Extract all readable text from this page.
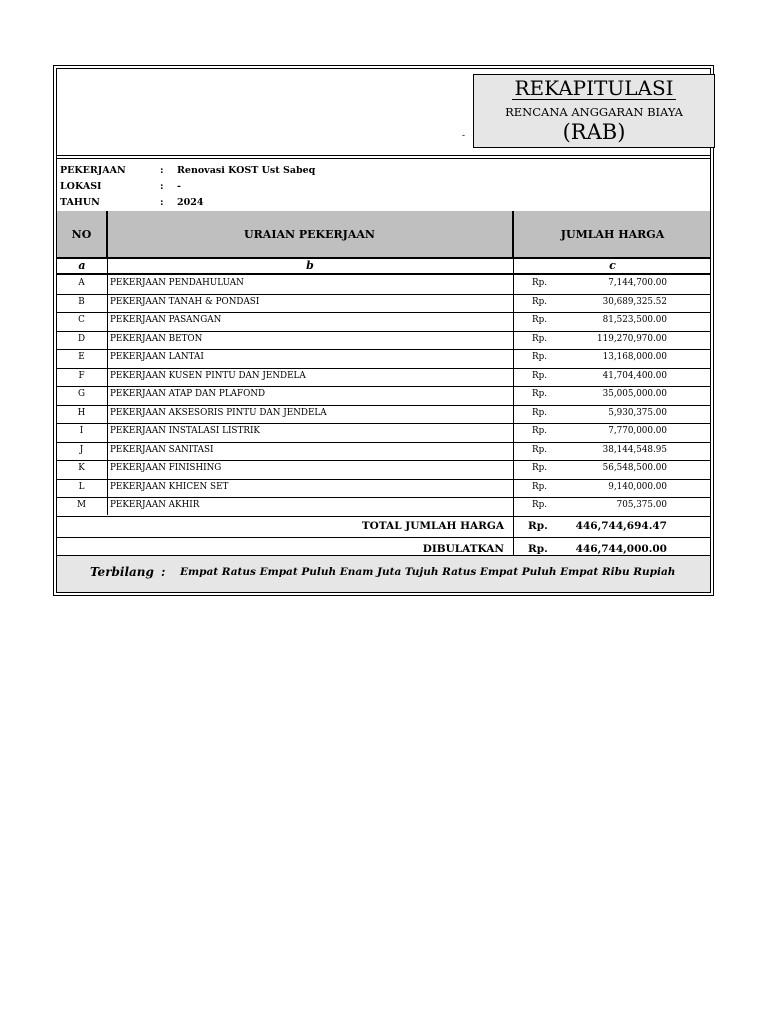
-
REKAPITULASI
RENCANA ANGGARAN BIAYA
(RAB)
PEKERJAAN	: Renovasi KOST Ust Sabeq
LOKASI	: -
TAHUN	: 2024
NO	URAIAN PEKERJAAN	JUMLAH HARGA
a	b	c
A	PEKERJAAN PENDAHULUAN	Rp.	7,144,700.00
B	PEKERJAAN TANAH & PONDASI	Rp.	30,689,325.52
C	PEKERJAAN PASANGAN	Rp.	81,523,500.00
D	PEKERJAAN BETON	Rp.	119,270,970.00
E	PEKERJAAN LANTAI	Rp.	13,168,000.00
F	PEKERJAAN KUSEN PINTU DAN JENDELA	Rp.	41,704,400.00
G	PEKERJAAN ATAP DAN PLAFOND	Rp.	35,005,000.00
H	PEKERJAAN AKSESORIS PINTU DAN JENDELA	Rp.	5,930,375.00
I	PEKERJAAN INSTALASI LISTRIK	Rp.	7,770,000.00
J	PEKERJAAN SANITASI	Rp.	38,144,548.95
K	PEKERJAAN FINISHING	Rp.	56,548,500.00
L	PEKERJAAN KHICEN SET	Rp.	9,140,000.00
M	PEKERJAAN AKHIR	Rp.	705,375.00
TOTAL JUMLAH HARGA Rp.	446,744,694.47
DIBULATKAN Rp.	446,744,000.00
Terbilang : Empat Ratus Empat Puluh Enam Juta Tujuh Ratus Empat Puluh Empat Ribu Rupiah
